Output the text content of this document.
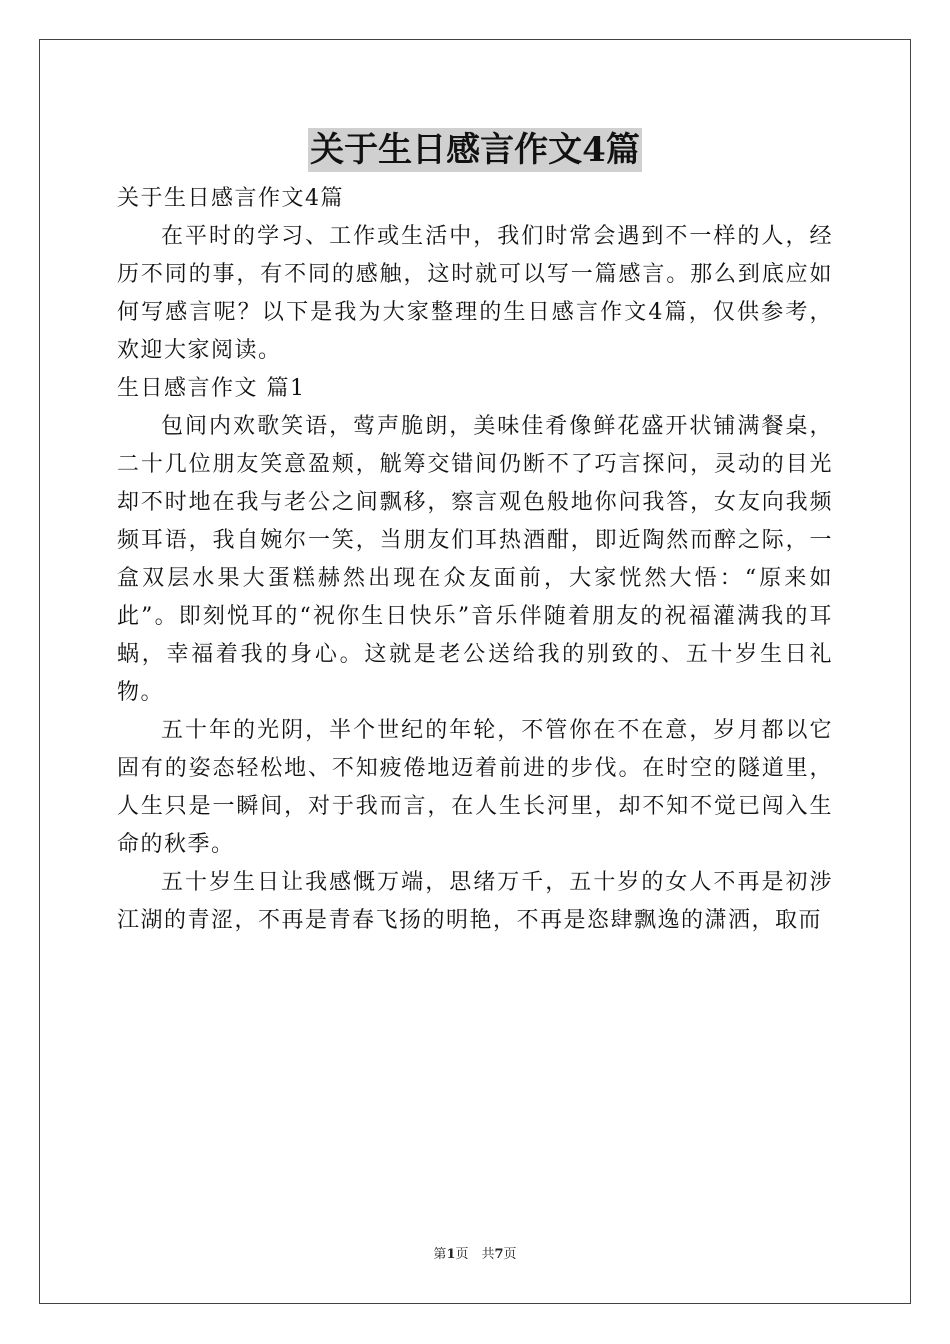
关于生日感言作文4篇

关于生日感言作文4篇

在平时的学习、工作或生活中，我们时常会遇到不一样的人，经历不同的事，有不同的感触，这时就可以写一篇感言。那么到底应如何写感言呢？以下是我为大家整理的生日感言作文4篇，仅供参考，欢迎大家阅读。

生日感言作文 篇1

包间内欢歌笑语，莺声脆朗，美味佳肴像鲜花盛开状铺满餐桌，二十几位朋友笑意盈颊，觥筹交错间仍断不了巧言探问，灵动的目光却不时地在我与老公之间飘移，察言观色般地你问我答，女友向我频频耳语，我自婉尔一笑，当朋友们耳热酒酣，即近陶然而醉之际，一盒双层水果大蛋糕赫然出现在众友面前，大家恍然大悟：“原来如此”。即刻悦耳的“祝你生日快乐”音乐伴随着朋友的祝福灌满我的耳蜗，幸福着我的身心。这就是老公送给我的别致的、五十岁生日礼物。

五十年的光阴，半个世纪的年轮，不管你在不在意，岁月都以它固有的姿态轻松地、不知疲倦地迈着前进的步伐。在时空的隧道里，人生只是一瞬间，对于我而言，在人生长河里，却不知不觉已闯入生命的秋季。

五十岁生日让我感慨万端，思绪万千，五十岁的女人不再是初涉江湖的青涩，不再是青春飞扬的明艳，不再是恣肆飘逸的潇洒，取而

第1页　共7页
